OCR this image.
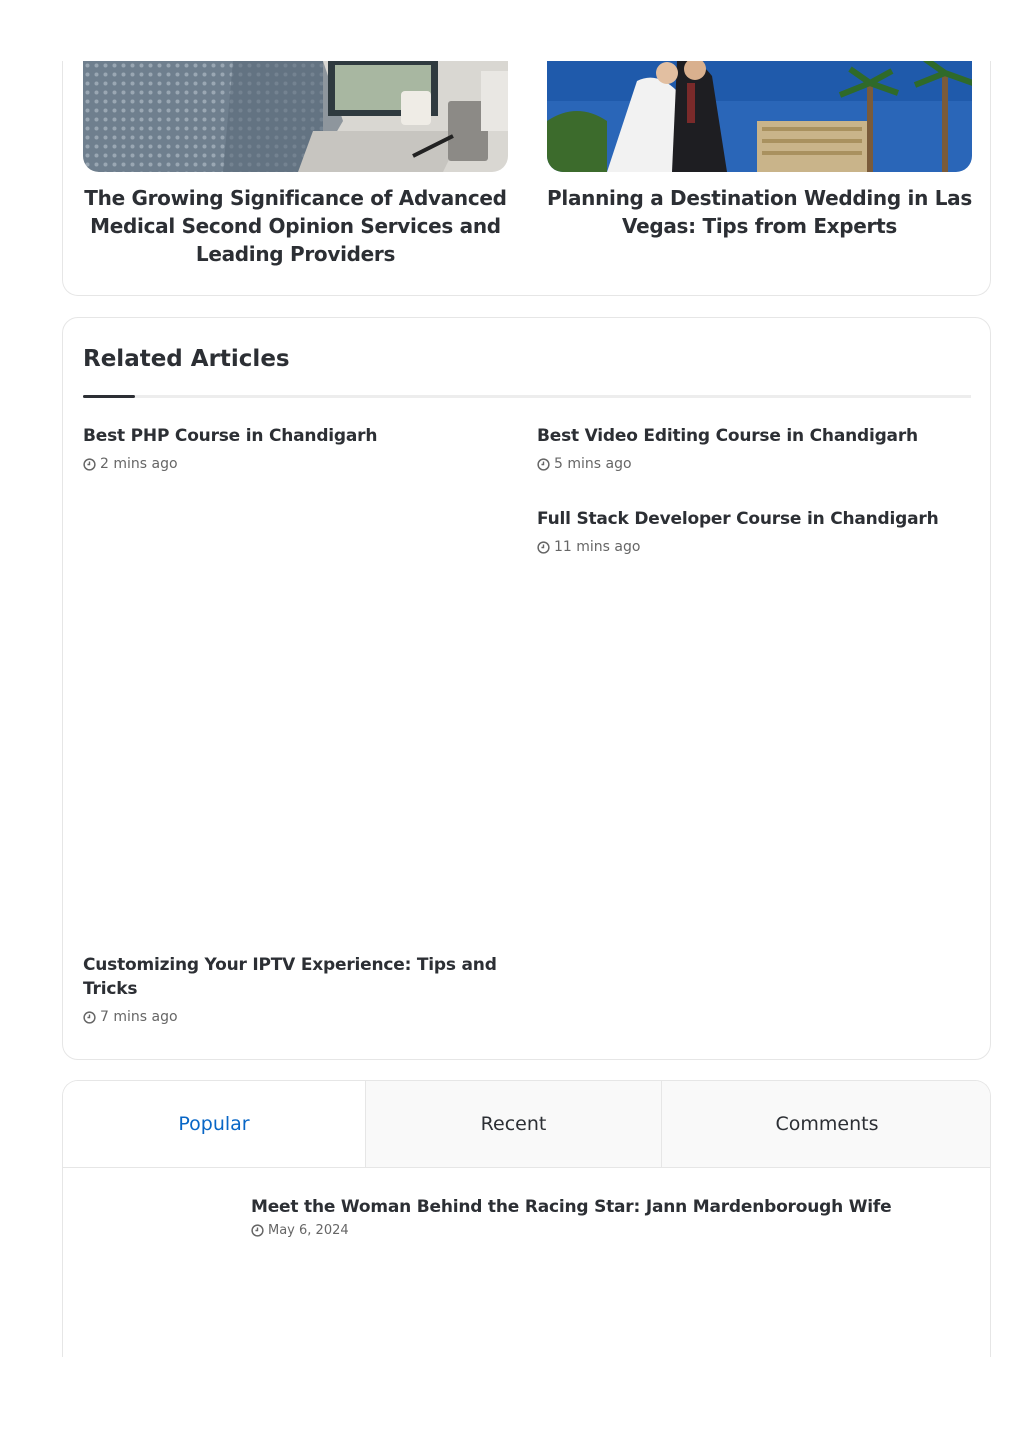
The Growing Significance of Advanced Medical Second Opinion Services and Leading Providers
Planning a Destination Wedding in Las Vegas: Tips from Experts
Related Articles
Best PHP Course in Chandigarh
2 mins ago
Best Video Editing Course in Chandigarh
5 mins ago
Full Stack Developer Course in Chandigarh
11 mins ago
Customizing Your IPTV Experience: Tips and Tricks
7 mins ago
Popular	Recent	Comments
Meet the Woman Behind the Racing Star: Jann Mardenborough Wife
May 6, 2024
